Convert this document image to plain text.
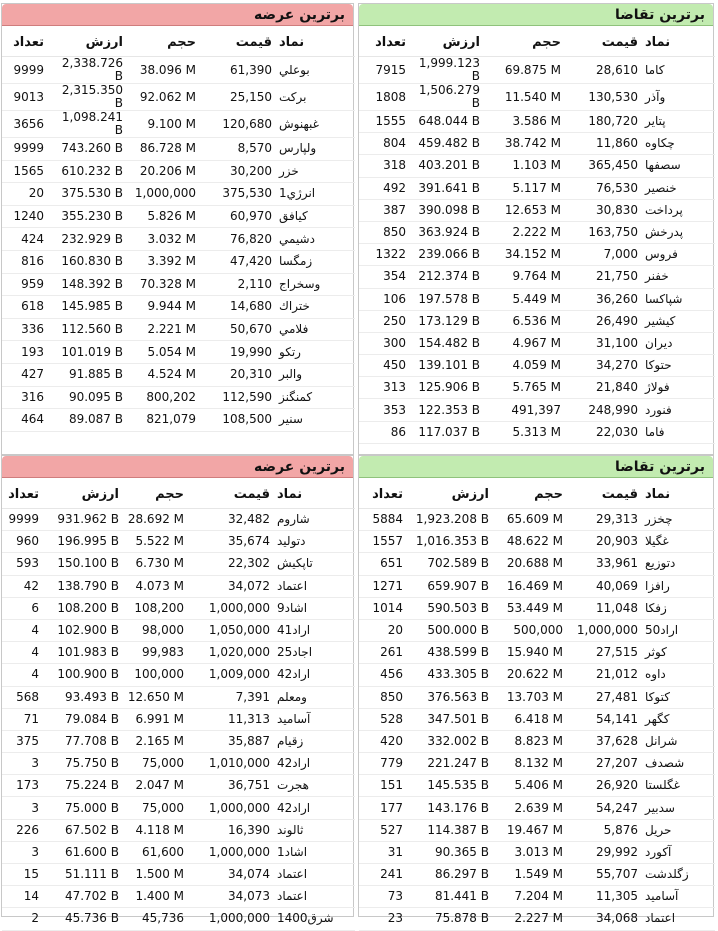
برترین تقاضا
تعداد	ارزش	حجم	قیمت	نماد
7915	1,999.123 B	69.875 M	28,610	کاما
1808	1,506.279 B	11.540 M	130,530	وآذر
1555	648.044 B	3.586 M	180,720	پتایر
804	459.482 B	38.742 M	11,860	چکاوه
318	403.201 B	1.103 M	365,450	سصفها
492	391.641 B	5.117 M	76,530	خنصير
387	390.098 B	12.653 M	30,830	پرداخت
850	363.924 B	2.222 M	163,750	پدرخش
1322	239.066 B	34.152 M	7,000	فروس
354	212.374 B	9.764 M	21,750	خفنر
106	197.578 B	5.449 M	36,260	شپاکسا
250	173.129 B	6.536 M	26,490	کیشير
300	154.482 B	4.967 M	31,100	ديران
450	139.101 B	4.059 M	34,270	حتوکا
313	125.906 B	5.765 M	21,840	فولاژ
353	122.353 B	491,397	248,990	فنورد
86	117.037 B	5.313 M	22,030	فاما
برترین عرضه
تعداد	ارزش	حجم	قیمت	نماد
9999	2,338.726 B	38.096 M	61,390	بوعلي
9013	2,315.350 B	92.062 M	25,150	برکت
3656	1,098.241 B	9.100 M	120,680	غبهنوش
9999	743.260 B	86.728 M	8,570	ولپارس
1565	610.232 B	20.206 M	30,200	خزر
20	375.530 B	1,000,000	375,530	انرژي1
1240	355.230 B	5.826 M	60,970	کيافق
424	232.929 B	3.032 M	76,820	دشيمي
816	160.830 B	3.392 M	47,420	زمگسا
959	148.392 B	70.328 M	2,110	وسخراج
618	145.985 B	9.944 M	14,680	ختراك
336	112.560 B	2.221 M	50,670	فلامي
193	101.019 B	5.054 M	19,990	رتکو
427	91.885 B	4.524 M	20,310	والبر
316	90.095 B	800,202	112,590	کمنگنز
464	89.087 B	821,079	108,500	سنير
برترین تقاضا
تعداد	ارزش	حجم	قیمت	نماد
5884	1,923.208 B	65.609 M	29,313	چخزر
1557	1,016.353 B	48.622 M	20,903	غگیلا
651	702.589 B	20.688 M	33,961	دتوزيع
1271	659.907 B	16.469 M	40,069	رافزا
1014	590.503 B	53.449 M	11,048	زفکا
20	500.000 B	500,000	1,000,000	اراد50
261	438.599 B	15.940 M	27,515	کوثر
456	433.305 B	20.622 M	21,012	داوه
850	376.563 B	13.703 M	27,481	کتوکا
528	347.501 B	6.418 M	54,141	کگهر
420	332.002 B	8.823 M	37,628	شرانل
779	221.247 B	8.132 M	27,207	شصدف
151	145.535 B	5.406 M	26,920	غگلستا
177	143.176 B	2.639 M	54,247	سدبير
527	114.387 B	19.467 M	5,876	حريل
31	90.365 B	3.013 M	29,992	آکورد
241	86.297 B	1.549 M	55,707	زگلدشت
73	81.441 B	7.204 M	11,305	آسامید
23	75.878 B	2.227 M	34,068	اعتماد
برترین عرضه
تعداد	ارزش	حجم	قیمت	نماد
9999	931.962 B	28.692 M	32,482	شاروم
960	196.995 B	5.522 M	35,674	دتوليد
593	150.100 B	6.730 M	22,302	تاپکيش
42	138.790 B	4.073 M	34,072	اعتماد
6	108.200 B	108,200	1,000,000	اشاد9
4	102.900 B	98,000	1,050,000	اراد41
4	101.983 B	99,983	1,020,000	اجاد25
4	100.900 B	100,000	1,009,000	اراد42
568	93.493 B	12.650 M	7,391	ومعلم
71	79.084 B	6.991 M	11,313	آسامید
375	77.708 B	2.165 M	35,887	زقيام
3	75.750 B	75,000	1,010,000	اراد42
173	75.224 B	2.047 M	36,751	هجرت
3	75.000 B	75,000	1,000,000	اراد42
226	67.502 B	4.118 M	16,390	ثالوند
3	61.600 B	61,600	1,000,000	اشاد1
15	51.111 B	1.500 M	34,074	اعتماد
14	47.702 B	1.400 M	34,073	اعتماد
2	45.736 B	45,736	1,000,000	شرق1400
